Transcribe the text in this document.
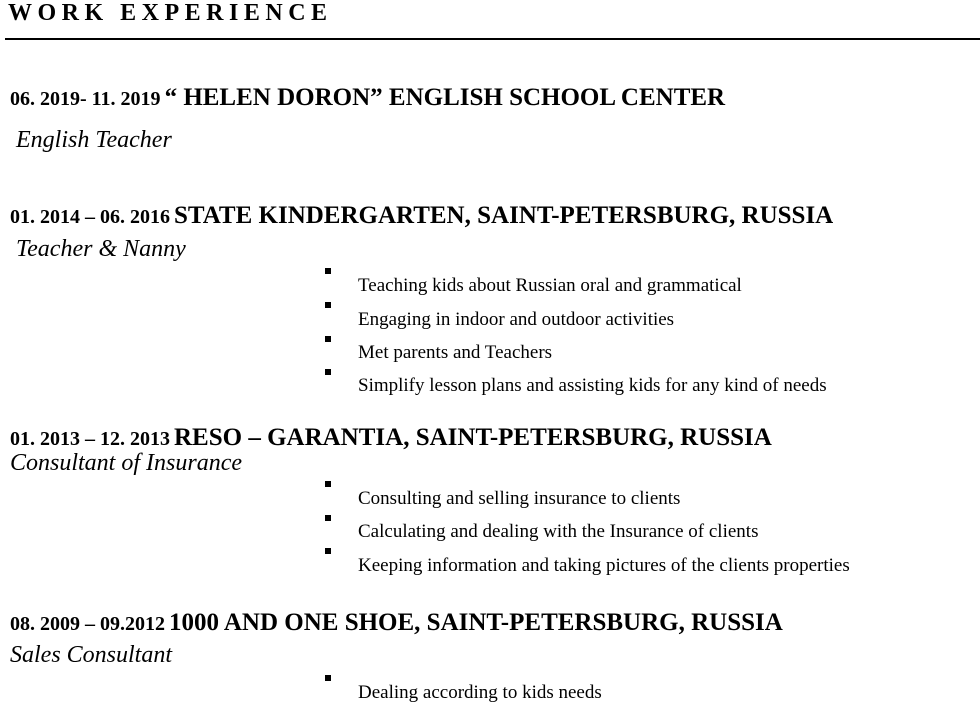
WORK EXPERIENCE
06. 2019- 11. 2019 “ HELEN DORON” ENGLISH SCHOOL CENTER
English Teacher
01. 2014 – 06. 2016 STATE KINDERGARTEN, SAINT-PETERSBURG, RUSSIA
Teacher & Nanny
Teaching kids about Russian oral and grammatical
Engaging in indoor and outdoor activities
Met parents and Teachers
Simplify lesson plans and assisting kids for any kind of needs
01. 2013 – 12. 2013 RESO – GARANTIA, SAINT-PETERSBURG, RUSSIA
Consultant of Insurance
Consulting and selling insurance to clients
Calculating and dealing with the Insurance of clients
Keeping information and taking pictures of the clients properties
08. 2009 – 09.2012 1000 AND ONE SHOE, SAINT-PETERSBURG, RUSSIA
Sales Consultant
Dealing according to kids needs
